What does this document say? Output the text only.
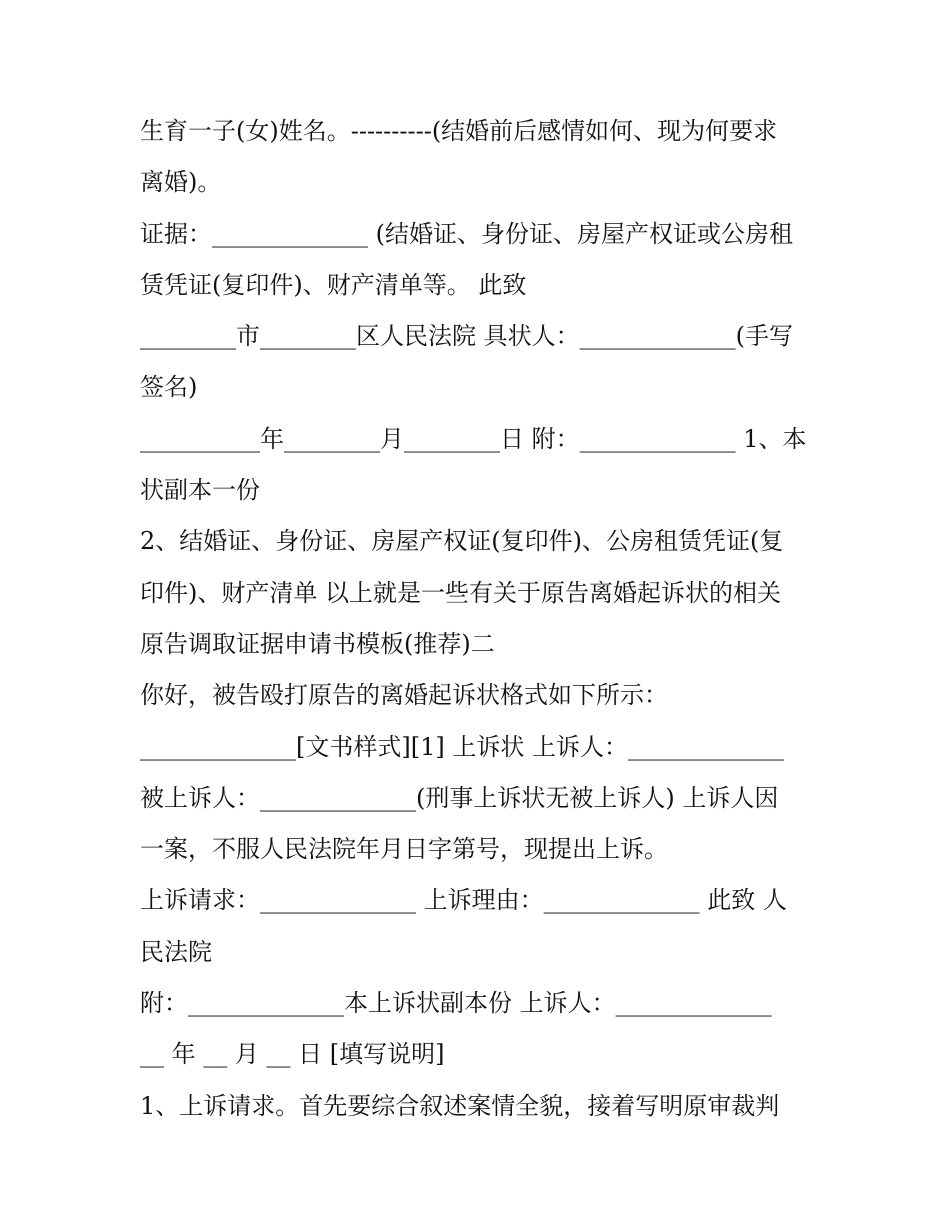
生育一子(女)姓名。----------(结婚前后感情如何、现为何要求
离婚)。
证据：_____________ (结婚证、身份证、房屋产权证或公房租
赁凭证(复印件)、财产清单等。 此致
________市________区人民法院 具状人：_____________(手写
签名)
__________年________月________日 附：_____________ 1、本
状副本一份
2、结婚证、身份证、房屋产权证(复印件)、公房租赁凭证(复
印件)、财产清单 以上就是一些有关于原告离婚起诉状的相关
原告调取证据申请书模板(推荐)二
你好，被告殴打原告的离婚起诉状格式如下所示：
_____________[文书样式][1] 上诉状 上诉人：_____________
被上诉人：_____________(刑事上诉状无被上诉人) 上诉人因
一案，不服人民法院年月日字第号，现提出上诉。
上诉请求：_____________ 上诉理由：_____________ 此致 人
民法院
附：_____________本上诉状副本份 上诉人：_____________
__ 年 __ 月 __ 日 [填写说明]
1、上诉请求。首先要综合叙述案情全貌，接着写明原审裁判
